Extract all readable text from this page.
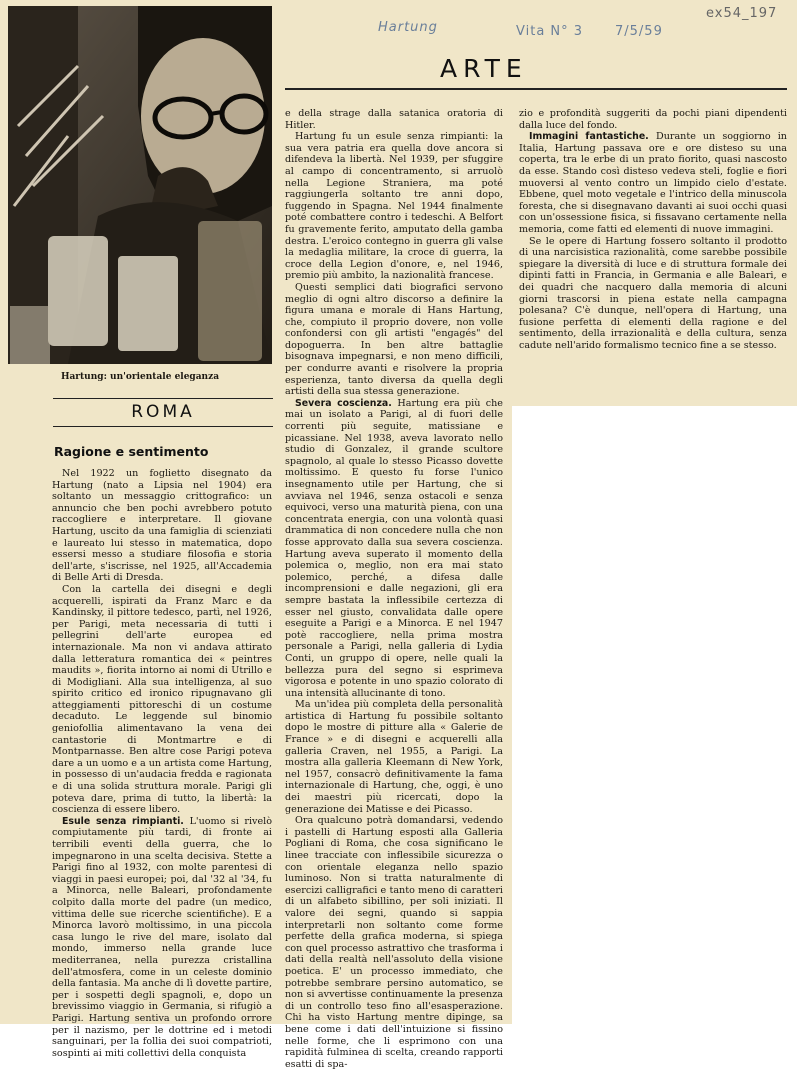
Hartung: un'orientale eleganza
Hartung	Vita N° 3 7/5/59
ex54_197
ARTE
ROMA
Ragione e sentimento

Nel 1922 un foglietto disegnato da Hartung (nato a Lipsia nel 1904) era soltanto un messaggio crittografico: un annuncio che ben pochi avrebbero potuto raccogliere e interpretare. Il giovane Hartung, uscito da una famiglia di scienziati e laureato lui stesso in matematica, dopo essersi messo a studiare filosofia e storia dell'arte, s'iscrisse, nel 1925, all'Accademia di Belle Arti di Dresda.

Con la cartella dei disegni e degli acquerelli, ispirati da Franz Marc e da Kandinsky, il pittore tedesco, partì, nel 1926, per Parigi, meta necessaria di tutti i pellegrini dell'arte europea ed internazionale. Ma non vi andava attirato dalla letteratura romantica dei « peintres maudits », fiorita intorno ai nomi di Utrillo e di Modigliani. Alla sua intelligenza, al suo spirito critico ed ironico ripugnavano gli atteggiamenti pittoreschi di un costume decaduto. Le leggende sul binomio geniofollia alimentavano la vena dei cantastorie di Montmartre e di Montparnasse. Ben altre cose Parigi poteva dare a un uomo e a un artista come Hartung, in possesso di un'audacia fredda e ragionata e di una solida struttura morale. Parigi gli poteva dare, prima di tutto, la libertà: la coscienza di essere libero.

Esule senza rimpianti. L'uomo si rivelò compiutamente più tardi, di fronte ai terribili eventi della guerra, che lo impegnarono in una scelta decisiva. Stette a Parigi fino al 1932, con molte parentesi di viaggi in paesi europei; poi, dal '32 al '34, fu a Minorca, nelle Baleari, profondamente colpito dalla morte del padre (un medico, vittima delle sue ricerche scientifiche). E a Minorca lavorò moltissimo, in una piccola casa lungo le rive del mare, isolato dal mondo, immerso nella grande luce mediterranea, nella purezza cristallina dell'atmosfera, come in un celeste dominio della fantasia. Ma anche di lì dovette partire, per i sospetti degli spagnoli, e, dopo un brevissimo viaggio in Germania, si rifugiò a Parigi. Hartung sentiva un profondo orrore per il nazismo, per le dottrine ed i metodi sanguinari, per la follia dei suoi compatrioti, sospinti ai miti collettivi della conquista

e della strage dalla satanica oratoria di Hitler.

Hartung fu un esule senza rimpianti: la sua vera patria era quella dove ancora si difendeva la libertà. Nel 1939, per sfuggire al campo di concentramento, si arruolò nella Legione Straniera, ma poté raggiungerla soltanto tre anni dopo, fuggendo in Spagna. Nel 1944 finalmente poté combattere contro i tedeschi. A Belfort fu gravemente ferito, amputato della gamba destra. L'eroico contegno in guerra gli valse la medaglia militare, la croce di guerra, la croce della Legion d'onore, e, nel 1946, premio più ambito, la nazionalità francese.

Questi semplici dati biografici servono meglio di ogni altro discorso a definire la figura umana e morale di Hans Hartung, che, compiuto il proprio dovere, non volle confondersi con gli artisti "engagés" del dopoguerra. In ben altre battaglie bisognava impegnarsi, e non meno difficili, per condurre avanti e risolvere la propria esperienza, tanto diversa da quella degli artisti della sua stessa generazione.

Severa coscienza. Hartung era più che mai un isolato a Parigi, al di fuori delle correnti più seguite, matissiane e picassiane. Nel 1938, aveva lavorato nello studio di Gonzalez, il grande scultore spagnolo, al quale lo stesso Picasso dovette moltissimo. E questo fu forse l'unico insegnamento utile per Hartung, che si avviava nel 1946, senza ostacoli e senza equivoci, verso una maturità piena, con una concentrata energia, con una volontà quasi drammatica di non concedere nulla che non fosse approvato dalla sua severa coscienza. Hartung aveva superato il momento della polemica o, meglio, non era mai stato polemico, perché, a difesa dalle incomprensioni e dalle negazioni, gli era sempre bastata la inflessibile certezza di esser nel giusto, convalidata dalle opere eseguite a Parigi e a Minorca. E nel 1947 potè raccogliere, nella prima mostra personale a Parigi, nella galleria di Lydia Conti, un gruppo di opere, nelle quali la bellezza pura del segno si esprimeva vigorosa e potente in uno spazio colorato di una intensità allucinante di tono.

Ma un'idea più completa della personalità artistica di Hartung fu possibile soltanto dopo le mostre di pitture alla « Galerie de France » e di disegni e acquerelli alla galleria Craven, nel 1955, a Parigi. La mostra alla galleria Kleemann di New York, nel 1957, consacrò definitivamente la fama internazionale di Hartung, che, oggi, è uno dei maestri più ricercati, dopo la generazione dei Matisse e dei Picasso.

Ora qualcuno potrà domandarsi, vedendo i pastelli di Hartung esposti alla Galleria Pogliani di Roma, che cosa significano le linee tracciate con inflessibile sicurezza o con orientale eleganza nello spazio luminoso. Non si tratta naturalmente di esercizi calligrafici e tanto meno di caratteri di un alfabeto sibillino, per soli iniziati. Il valore dei segni, quando si sappia interpretarli non soltanto come forme perfette della grafica moderna, si spiega con quel processo astrattivo che trasforma i dati della realtà nell'assoluto della visione poetica. E' un processo immediato, che potrebbe sembrare persino automatico, se non si avvertisse continuamente la presenza di un controllo teso fino all'esasperazione. Chi ha visto Hartung mentre dipinge, sa bene come i dati dell'intuizione si fissino nelle forme, che li esprimono con una rapidità fulminea di scelta, creando rapporti esatti di spa-

zio e profondità suggeriti da pochi piani dipendenti dalla luce del fondo.

Immagini fantastiche. Durante un soggiorno in Italia, Hartung passava ore e ore disteso su una coperta, tra le erbe di un prato fiorito, quasi nascosto da esse. Stando così disteso vedeva steli, foglie e fiori muoversi al vento contro un limpido cielo d'estate. Ebbene, quel moto vegetale e l'intrico della minuscola foresta, che si disegnavano davanti ai suoi occhi quasi con un'ossessione fisica, si fissavano certamente nella memoria, come fatti ed elementi di nuove immagini.

Se le opere di Hartung fossero soltanto il prodotto di una narcisistica razionalità, come sarebbe possibile spiegare la diversità di luce e di struttura formale dei dipinti fatti in Francia, in Germania e alle Baleari, e dei quadri che nacquero dalla memoria di alcuni giorni trascorsi in piena estate nella campagna polesana? C'è dunque, nell'opera di Hartung, una fusione perfetta di elementi della ragione e del sentimento, della irrazionalità e della cultura, senza cadute nell'arido formalismo tecnico fine a se stesso.
